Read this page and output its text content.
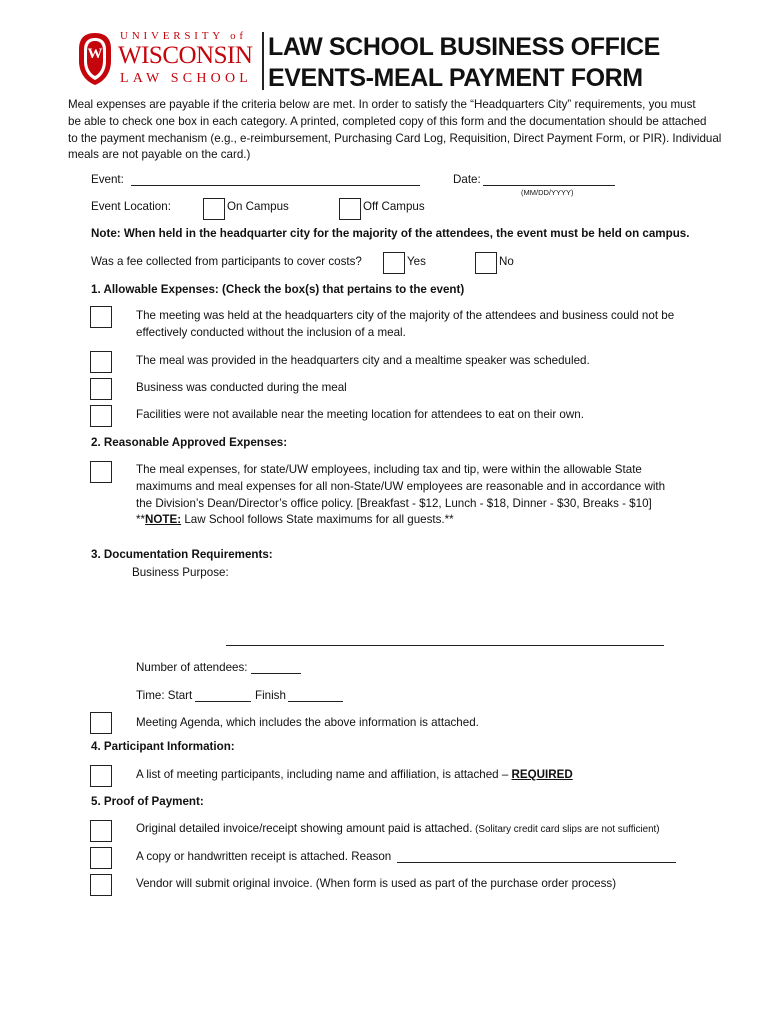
W
UNIVERSITY of
WISCONSIN
LAW SCHOOL
LAW SCHOOL BUSINESS OFFICE
EVENTS-MEAL PAYMENT FORM
Meal expenses are payable if the criteria below are met. In order to satisfy the “Headquarters City” requirements, you must
be able to check one box in each category. A printed, completed copy of this form and the documentation should be attached
to the payment mechanism (e.g., e-reimbursement, Purchasing Card Log, Requisition, Direct Payment Form, or PIR). Individual
meals are not payable on the card.)
Event:	Date:
(MM/DD/YYYY)
Event Location:	On Campus	Off Campus
Note: When held in the headquarter city for the majority of the attendees, the event must be held on campus.
Was a fee collected from participants to cover costs?	Yes	No
1. Allowable Expenses: (Check the box(s) that pertains to the event)
The meeting was held at the headquarters city of the majority of the attendees and business could not be
effectively conducted without the inclusion of a meal.
The meal was provided in the headquarters city and a mealtime speaker was scheduled.
Business was conducted during the meal
Facilities were not available near the meeting location for attendees to eat on their own.
2. Reasonable Approved Expenses:
The meal expenses, for state/UW employees, including tax and tip, were within the allowable State
maximums and meal expenses for all non-State/UW employees are reasonable and in accordance with
the Division’s Dean/Director’s office policy. [Breakfast - $12, Lunch - $18, Dinner - $30, Breaks - $10]
**NOTE: Law School follows State maximums for all guests.**
3. Documentation Requirements:
Business Purpose:
Number of attendees:
Time: Start	Finish
Meeting Agenda, which includes the above information is attached.
4. Participant Information:
A list of meeting participants, including name and affiliation, is attached – REQUIRED
5. Proof of Payment:
Original detailed invoice/receipt showing amount paid is attached. (Solitary credit card slips are not sufficient)
A copy or handwritten receipt is attached. Reason
Vendor will submit original invoice. (When form is used as part of the purchase order process)
